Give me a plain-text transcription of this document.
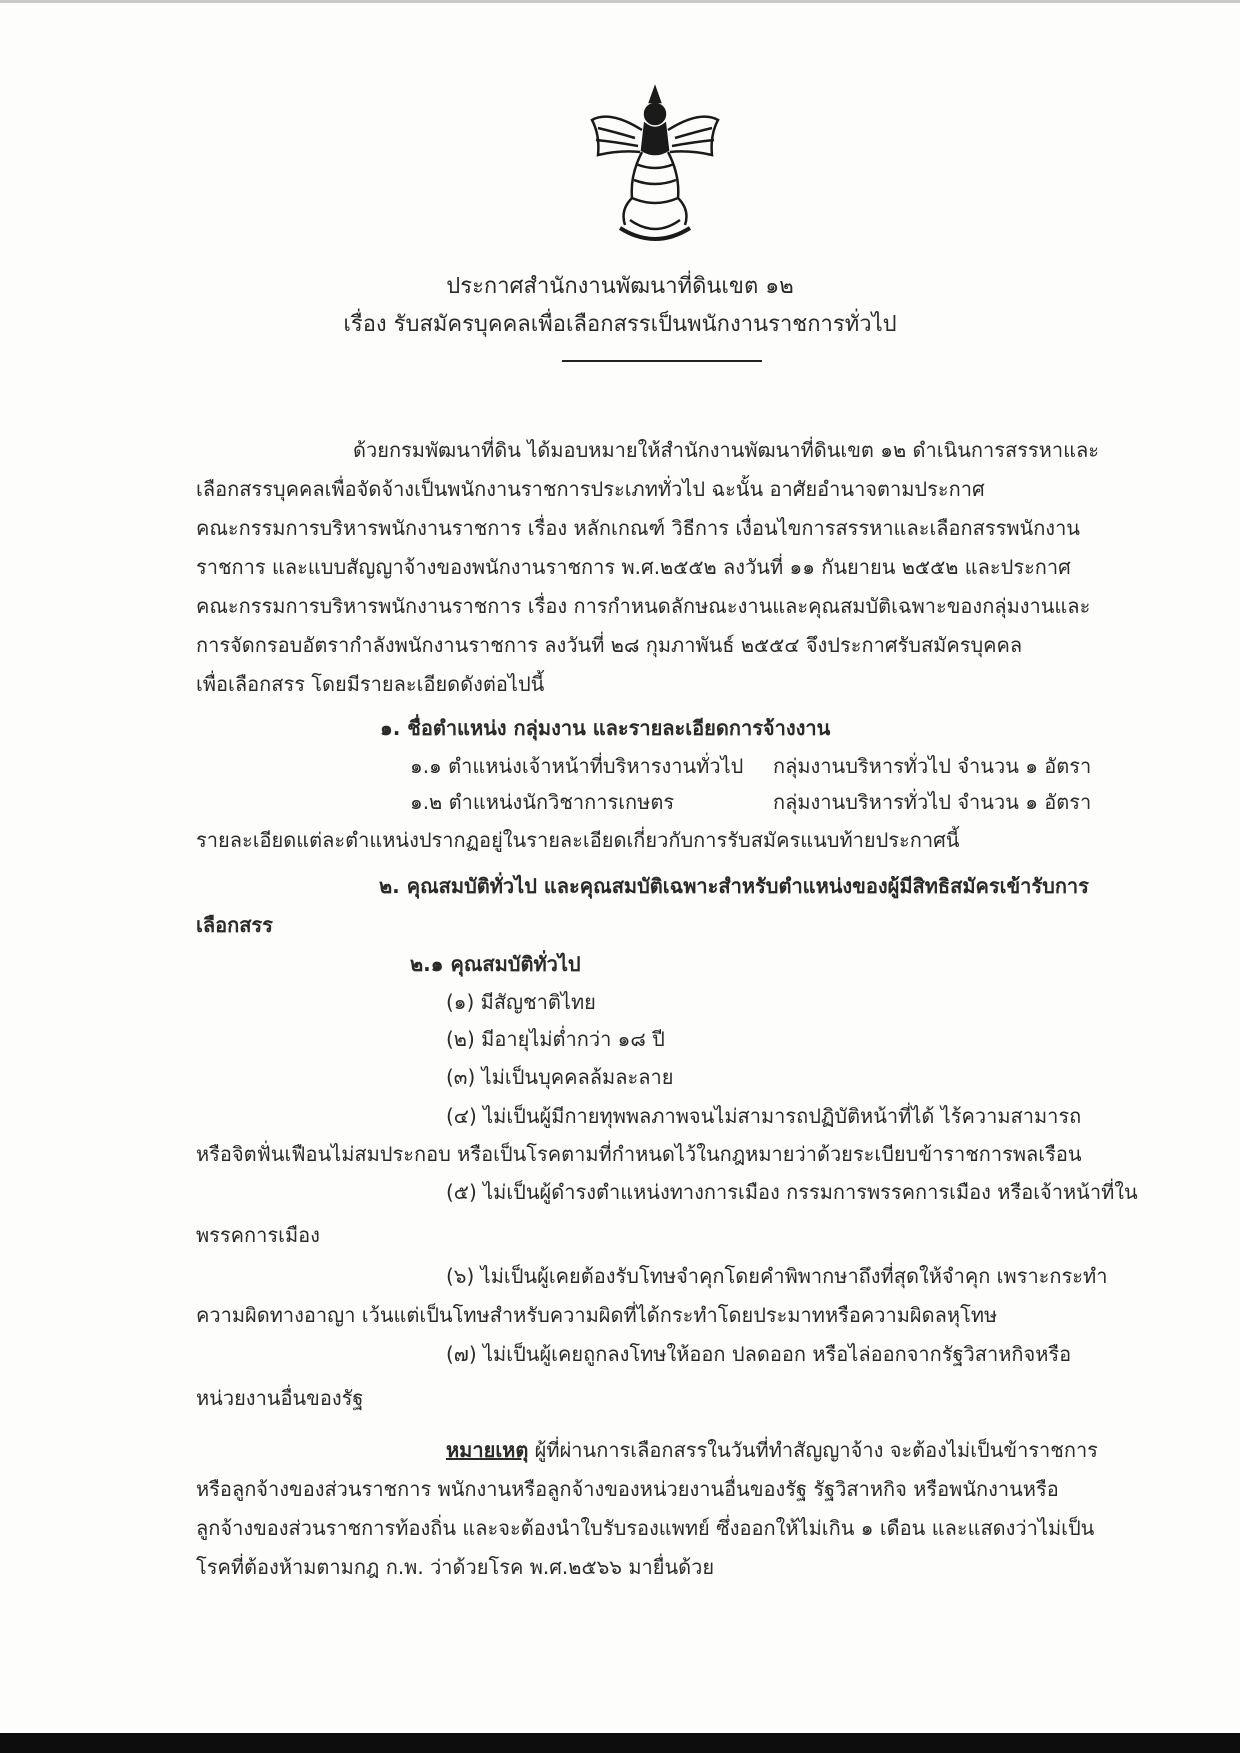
ประกาศสำนักงานพัฒนาที่ดินเขต ๑๒
เรื่อง รับสมัครบุคคลเพื่อเลือกสรรเป็นพนักงานราชการทั่วไป
ด้วยกรมพัฒนาที่ดิน ได้มอบหมายให้สำนักงานพัฒนาที่ดินเขต ๑๒ ดำเนินการสรรหาและ
เลือกสรรบุคคลเพื่อจัดจ้างเป็นพนักงานราชการประเภททั่วไป ฉะนั้น อาศัยอำนาจตามประกาศ
คณะกรรมการบริหารพนักงานราชการ เรื่อง หลักเกณฑ์ วิธีการ เงื่อนไขการสรรหาและเลือกสรรพนักงาน
ราชการ และแบบสัญญาจ้างของพนักงานราชการ พ.ศ.๒๕๕๒ ลงวันที่ ๑๑ กันยายน ๒๕๕๒ และประกาศ
คณะกรรมการบริหารพนักงานราชการ เรื่อง การกำหนดลักษณะงานและคุณสมบัติเฉพาะของกลุ่มงานและ
การจัดกรอบอัตรากำลังพนักงานราชการ ลงวันที่ ๒๘ กุมภาพันธ์ ๒๕๕๔ จึงประกาศรับสมัครบุคคล
เพื่อเลือกสรร โดยมีรายละเอียดดังต่อไปนี้
๑. ชื่อตำแหน่ง กลุ่มงาน และรายละเอียดการจ้างงาน
๑.๑ ตำแหน่งเจ้าหน้าที่บริหารงานทั่วไป กลุ่มงานบริหารทั่วไป จำนวน ๑ อัตรา
๑.๒ ตำแหน่งนักวิชาการเกษตร	กลุ่มงานบริหารทั่วไป จำนวน ๑ อัตรา
รายละเอียดแต่ละตำแหน่งปรากฏอยู่ในรายละเอียดเกี่ยวกับการรับสมัครแนบท้ายประกาศนี้
๒. คุณสมบัติทั่วไป และคุณสมบัติเฉพาะสำหรับตำแหน่งของผู้มีสิทธิสมัครเข้ารับการ
เลือกสรร
๒.๑ คุณสมบัติทั่วไป
(๑) มีสัญชาติไทย
(๒) มีอายุไม่ต่ำกว่า ๑๘ ปี
(๓) ไม่เป็นบุคคลล้มละลาย
(๔) ไม่เป็นผู้มีกายทุพพลภาพจนไม่สามารถปฏิบัติหน้าที่ได้ ไร้ความสามารถ
หรือจิตฟั่นเฟือนไม่สมประกอบ หรือเป็นโรคตามที่กำหนดไว้ในกฎหมายว่าด้วยระเบียบข้าราชการพลเรือน
(๕) ไม่เป็นผู้ดำรงตำแหน่งทางการเมือง กรรมการพรรคการเมือง หรือเจ้าหน้าที่ใน
พรรคการเมือง
(๖) ไม่เป็นผู้เคยต้องรับโทษจำคุกโดยคำพิพากษาถึงที่สุดให้จำคุก เพราะกระทำ
ความผิดทางอาญา เว้นแต่เป็นโทษสำหรับความผิดที่ได้กระทำโดยประมาทหรือความผิดลหุโทษ
(๗) ไม่เป็นผู้เคยถูกลงโทษให้ออก ปลดออก หรือไล่ออกจากรัฐวิสาหกิจหรือ
หน่วยงานอื่นของรัฐ
หมายเหตุ ผู้ที่ผ่านการเลือกสรรในวันที่ทำสัญญาจ้าง จะต้องไม่เป็นข้าราชการ
หรือลูกจ้างของส่วนราชการ พนักงานหรือลูกจ้างของหน่วยงานอื่นของรัฐ รัฐวิสาหกิจ หรือพนักงานหรือ
ลูกจ้างของส่วนราชการท้องถิ่น และจะต้องนำใบรับรองแพทย์ ซึ่งออกให้ไม่เกิน ๑ เดือน และแสดงว่าไม่เป็น
โรคที่ต้องห้ามตามกฎ ก.พ. ว่าด้วยโรค พ.ศ.๒๕๖๖ มายื่นด้วย
